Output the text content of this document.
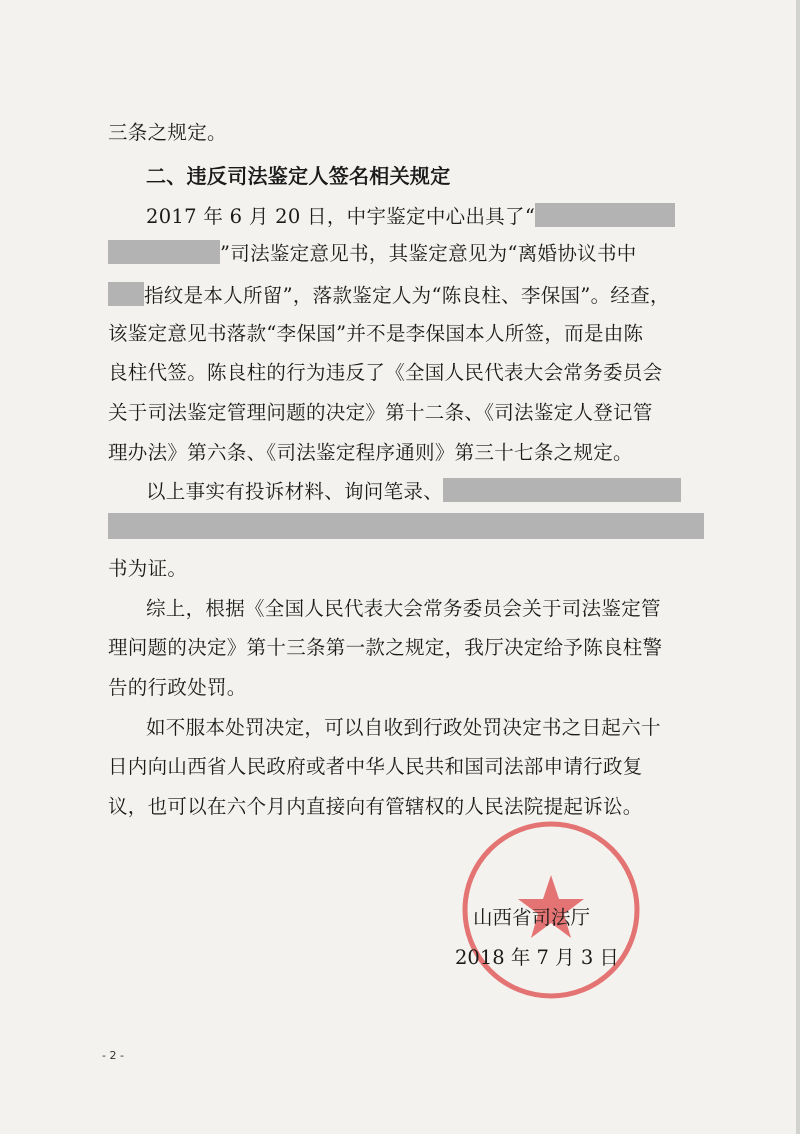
三条之规定。
二、违反司法鉴定人签名相关规定
2017 年 6 月 20 日，中宇鉴定中心出具了“
”司法鉴定意见书，其鉴定意见为“离婚协议书中
指纹是本人所留”，落款鉴定人为“陈良柱、李保国”。经查，
该鉴定意见书落款“李保国”并不是李保国本人所签，而是由陈
良柱代签。陈良柱的行为违反了《全国人民代表大会常务委员会
关于司法鉴定管理问题的决定》第十二条、《司法鉴定人登记管
理办法》第六条、《司法鉴定程序通则》第三十七条之规定。
以上事实有投诉材料、询问笔录、
书为证。
综上，根据《全国人民代表大会常务委员会关于司法鉴定管
理问题的决定》第十三条第一款之规定，我厅决定给予陈良柱警
告的行政处罚。
如不服本处罚决定，可以自收到行政处罚决定书之日起六十
日内向山西省人民政府或者中华人民共和国司法部申请行政复
议，也可以在六个月内直接向有管辖权的人民法院提起诉讼。
山西省司法厅
2018 年 7 月 3 日
- 2 -
